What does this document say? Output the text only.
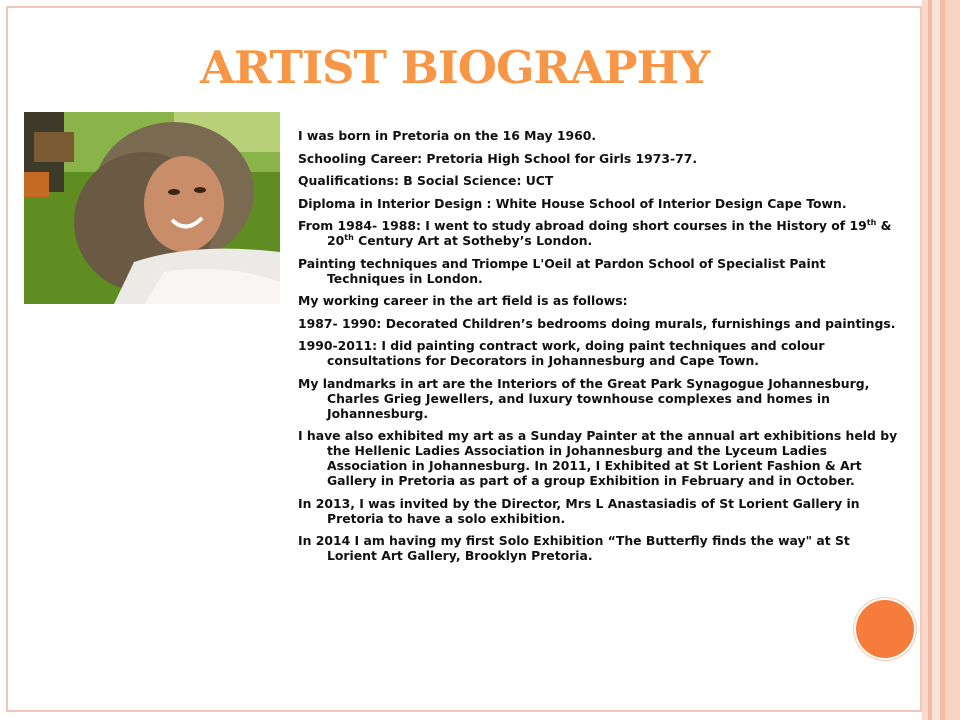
ARTIST BIOGRAPHY
I was born in Pretoria on the 16 May 1960.
Schooling Career: Pretoria High School for Girls 1973-77.
Qualifications: B Social Science: UCT
Diploma in Interior Design : White House School of Interior Design Cape Town.
From 1984- 1988: I went to study abroad doing short courses in the History of 19th & 20th Century Art at Sotheby’s London.
Painting techniques and Triompe L'Oeil at Pardon School of Specialist Paint Techniques in London.
My working career in the art field is as follows:
1987- 1990: Decorated Children’s bedrooms doing murals, furnishings and paintings.
1990-2011: I did painting contract work, doing paint techniques and colour consultations for Decorators in Johannesburg and Cape Town.
My landmarks in art are the Interiors of the Great Park Synagogue Johannesburg, Charles Grieg Jewellers, and luxury townhouse complexes and homes in Johannesburg.
I have also exhibited my art as a Sunday Painter at the annual art exhibitions held by the Hellenic Ladies Association in Johannesburg and the Lyceum Ladies Association in Johannesburg. In 2011, I Exhibited at St Lorient Fashion & Art Gallery in Pretoria as part of a group Exhibition in February and in October.
In 2013, I was invited by the Director, Mrs L Anastasiadis of St Lorient Gallery in Pretoria to have a solo exhibition.
In 2014 I am having my first Solo Exhibition “The Butterfly finds the way" at St Lorient Art Gallery, Brooklyn Pretoria.
